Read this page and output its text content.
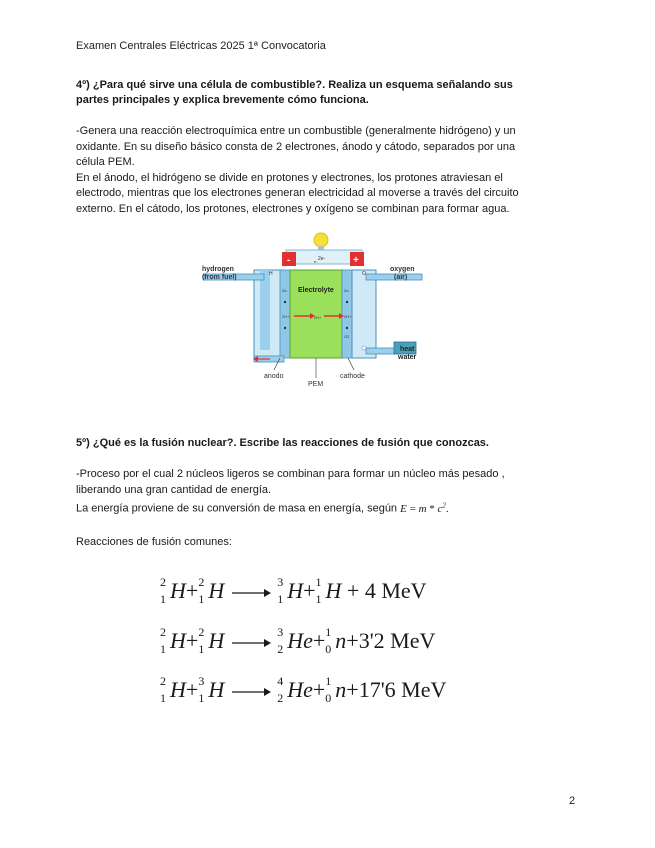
Examen Centrales Eléctricas 2025 1ª Convocatoria
4º) ¿Para qué sirve una célula de combustible?. Realiza un esquema señalando sus
partes principales y explica brevemente cómo funciona.
-Genera una reacción electroquímica entre un combustible (generalmente hidrógeno) y un
oxidante. En su diseño básico consta de 2 electrones, ánodo y cátodo, separados por una
célula PEM.
En el ánodo, el hidrógeno se divide en protones y electrones, los protones atraviesan el
electrodo, mientras que los electrones generan electricidad al moverse a través del circuito
externo. En el cátodo, los protones, electrones y oxígeno se combinan para formar agua.
2e-
-	+
Electrolyte
hydrogen
(from fuel)
oxygen
(air)
H	O
2e-
2H+
2e-
2H+
O2
2H+
e-
heat
water
anodo
PEM
cathode
5º) ¿Qué es la fusión nuclear?. Escribe las reacciones de fusión que conozcas.
-Proceso por el cual 2 núcleos ligeros se combinan para formar un núcleo más pesado ,
liberando una gran cantidad de energía.
La energía proviene de su conversión de masa en energía, según $E = m * c^2$.
Reacciones de fusión comunes:
2
1 H+ 2
1 H → 3
1 H+ 1
1 H + 4 MeV
2
1 H+ 2
1 H → 3
2 He+ 1
0 n+3'2 MeV
2
1 H+ 3
1 H → 4
2 He+ 1
0 n+17'6 MeV
2
